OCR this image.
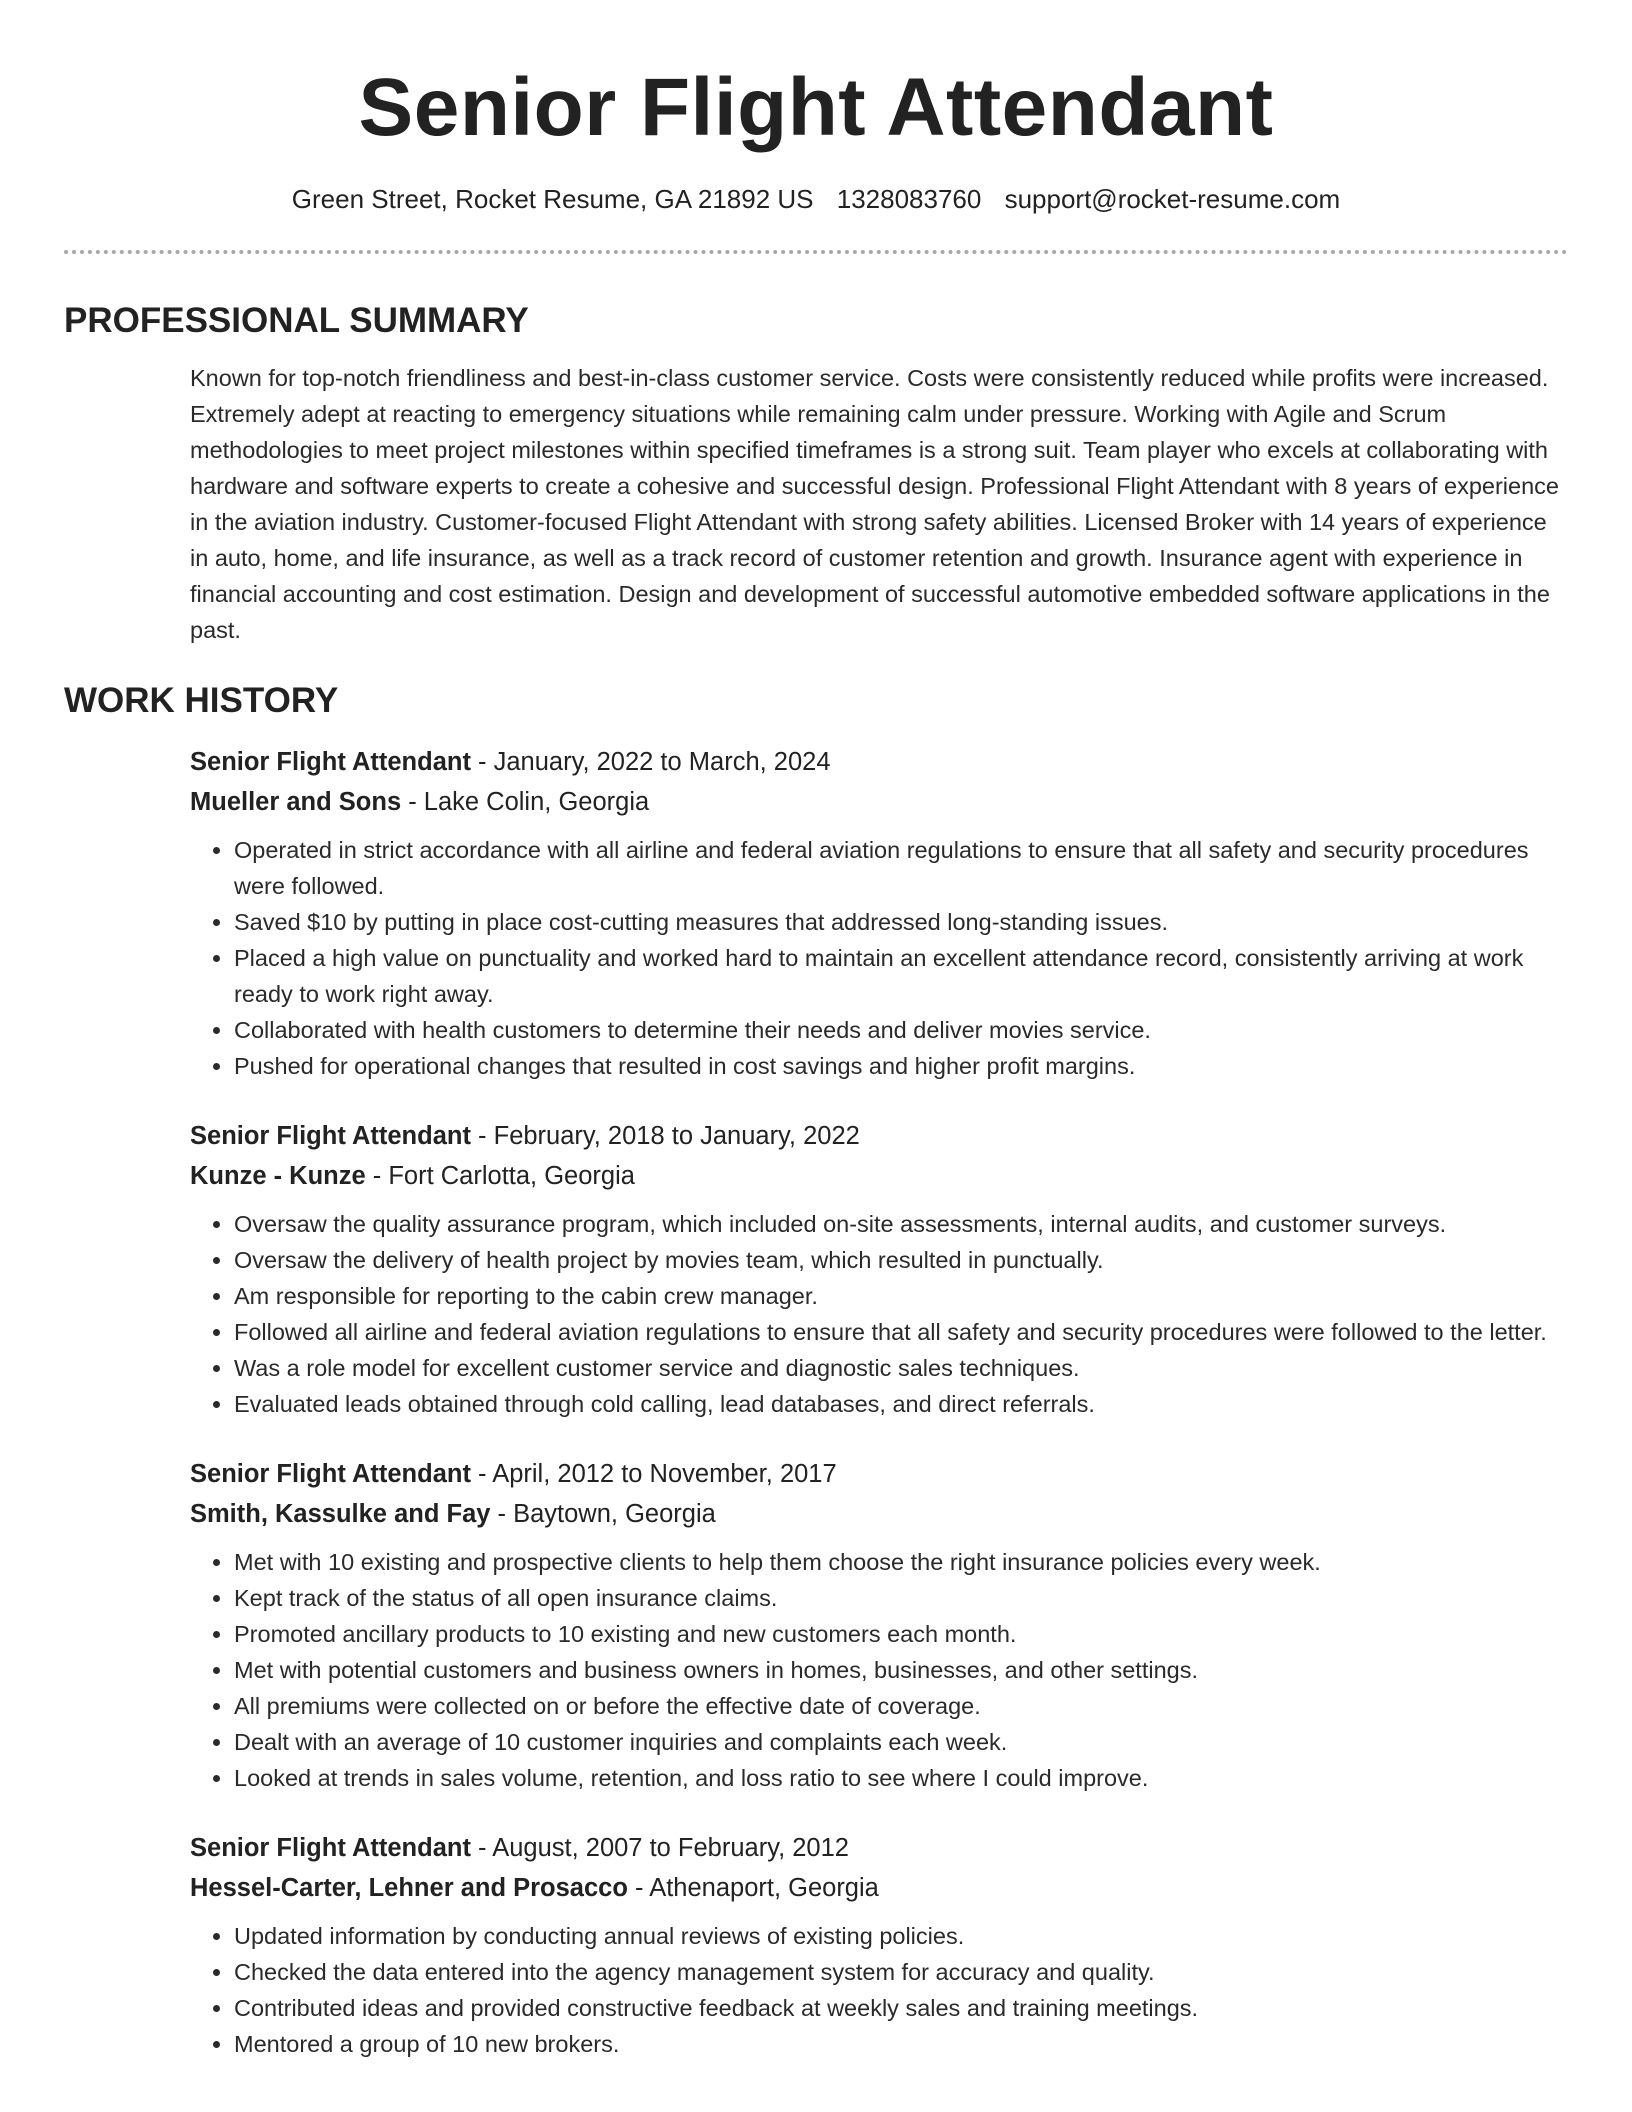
Senior Flight Attendant
Green Street, Rocket Resume, GA 21892 US 1328083760 support@rocket-resume.com
PROFESSIONAL SUMMARY

Known for top-notch friendliness and best-in-class customer service. Costs were consistently reduced while profits were increased. Extremely adept at reacting to emergency situations while remaining calm under pressure. Working with Agile and Scrum methodologies to meet project milestones within specified timeframes is a strong suit. Team player who excels at collaborating with hardware and software experts to create a cohesive and successful design. Professional Flight Attendant with 8 years of experience in the aviation industry. Customer-focused Flight Attendant with strong safety abilities. Licensed Broker with 14 years of experience in auto, home, and life insurance, as well as a track record of customer retention and growth. Insurance agent with experience in financial accounting and cost estimation. Design and development of successful automotive embedded software applications in the past.

WORK HISTORY
Senior Flight Attendant - January, 2022 to March, 2024
Mueller and Sons - Lake Colin, Georgia
• Operated in strict accordance with all airline and federal aviation regulations to ensure that all safety and security procedures were followed.
• Saved $10 by putting in place cost-cutting measures that addressed long-standing issues.
• Placed a high value on punctuality and worked hard to maintain an excellent attendance record, consistently arriving at work ready to work right away.
• Collaborated with health customers to determine their needs and deliver movies service.
• Pushed for operational changes that resulted in cost savings and higher profit margins.
Senior Flight Attendant - February, 2018 to January, 2022
Kunze - Kunze - Fort Carlotta, Georgia
• Oversaw the quality assurance program, which included on-site assessments, internal audits, and customer surveys.
• Oversaw the delivery of health project by movies team, which resulted in punctually.
• Am responsible for reporting to the cabin crew manager.
• Followed all airline and federal aviation regulations to ensure that all safety and security procedures were followed to the letter.
• Was a role model for excellent customer service and diagnostic sales techniques.
• Evaluated leads obtained through cold calling, lead databases, and direct referrals.
Senior Flight Attendant - April, 2012 to November, 2017
Smith, Kassulke and Fay - Baytown, Georgia
• Met with 10 existing and prospective clients to help them choose the right insurance policies every week.
• Kept track of the status of all open insurance claims.
• Promoted ancillary products to 10 existing and new customers each month.
• Met with potential customers and business owners in homes, businesses, and other settings.
• All premiums were collected on or before the effective date of coverage.
• Dealt with an average of 10 customer inquiries and complaints each week.
• Looked at trends in sales volume, retention, and loss ratio to see where I could improve.
Senior Flight Attendant - August, 2007 to February, 2012
Hessel-Carter, Lehner and Prosacco - Athenaport, Georgia
• Updated information by conducting annual reviews of existing policies.
• Checked the data entered into the agency management system for accuracy and quality.
• Contributed ideas and provided constructive feedback at weekly sales and training meetings.
• Mentored a group of 10 new brokers.
